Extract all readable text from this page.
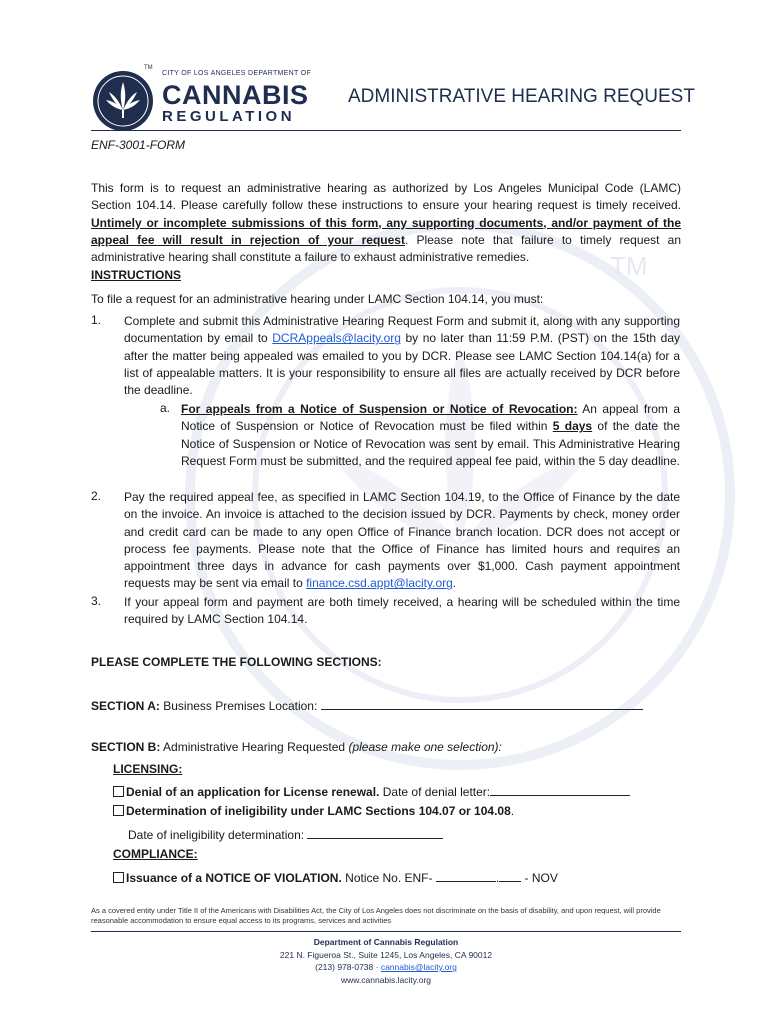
TM
TM
CITY OF LOS ANGELES DEPARTMENT OF
CANNABIS
REGULATION
ADMINISTRATIVE HEARING REQUEST
ENF-3001-FORM
This form is to request an administrative hearing as authorized by Los Angeles Municipal Code (LAMC) Section 104.14. Please carefully follow these instructions to ensure your hearing request is timely received. Untimely or incomplete submissions of this form, any supporting documents, and/or payment of the appeal fee will result in rejection of your request. Please note that failure to timely request an administrative hearing shall constitute a failure to exhaust administrative remedies.
INSTRUCTIONS
To file a request for an administrative hearing under LAMC Section 104.14, you must:
1. Complete and submit this Administrative Hearing Request Form and submit it, along with any supporting documentation by email to DCRAppeals@lacity.org by no later than 11:59 P.M. (PST) on the 15th day after the matter being appealed was emailed to you by DCR. Please see LAMC Section 104.14(a) for a list of appealable matters. It is your responsibility to ensure all files are actually received by DCR before the deadline.
a. For appeals from a Notice of Suspension or Notice of Revocation: An appeal from a Notice of Suspension or Notice of Revocation must be filed within 5 days of the date the Notice of Suspension or Notice of Revocation was sent by email. This Administrative Hearing Request Form must be submitted, and the required appeal fee paid, within the 5 day deadline.
2. Pay the required appeal fee, as specified in LAMC Section 104.19, to the Office of Finance by the date on the invoice. An invoice is attached to the decision issued by DCR. Payments by check, money order and credit card can be made to any open Office of Finance branch location. DCR does not accept or process fee payments. Please note that the Office of Finance has limited hours and requires an appointment three days in advance for cash payments over $1,000. Cash payment appointment requests may be sent via email to finance.csd.appt@lacity.org.
3. If your appeal form and payment are both timely received, a hearing will be scheduled within the time required by LAMC Section 104.14.
PLEASE COMPLETE THE FOLLOWING SECTIONS:
SECTION A: Business Premises Location:
SECTION B: Administrative Hearing Requested (please make one selection):
LICENSING:
Denial of an application for License renewal. Date of denial letter:
Determination of ineligibility under LAMC Sections 104.07 or 104.08.
Date of ineligibility determination:
COMPLIANCE:
Issuance of a NOTICE OF VIOLATION. Notice No. ENF-	. - NOV
As a covered entity under Title II of the Americans with Disabilities Act, the City of Los Angeles does not discriminate on the basis of disability, and upon request, will provide reasonable accommodation to ensure equal access to its programs, services and activities
Department of Cannabis Regulation
221 N. Figueroa St., Suite 1245, Los Angeles, CA 90012
(213) 978-0738 · cannabis@lacity.org
www.cannabis.lacity.org
